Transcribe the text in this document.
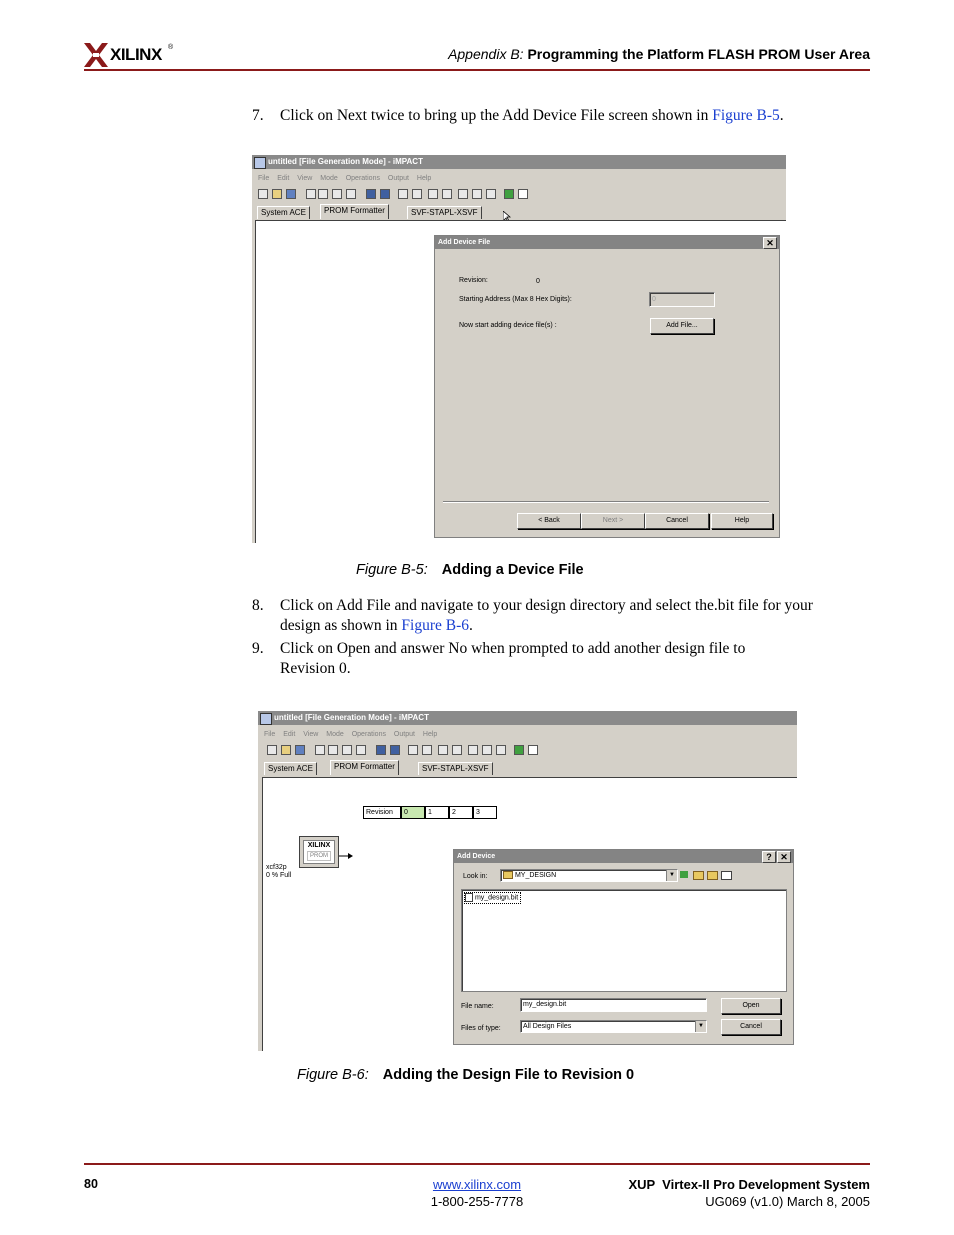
XILINX ®	Appendix B: Programming the Platform FLASH PROM User Area
7. Click on Next twice to bring up the Add Device File screen shown in Figure B-5.
untitled [File Generation Mode] - iMPACT
File Edit View Mode Operations Output Help
System ACE	PROM Formatter	SVF-STAPL-XSVF
Add Device File	✕
Revision:	0
Starting Address (Max 8 Hex Digits):	0
Now start adding device file(s) :	Add File...
< Back	Next >	Cancel	Help
Figure B-5: Adding a Device File
8. Click on Add File and navigate to your design directory and select the.bit file for your
design as shown in Figure B-6.
9. Click on Open and answer No when prompted to add another design file to
Revision 0.
untitled [File Generation Mode] - iMPACT
File Edit View Mode Operations Output Help
System ACE	PROM Formatter	SVF-STAPL-XSVF
Revision	0	1	2	3
XILINX
PROM
xcf32p
0 % Full
Add Device	? ✕
Look in:	MY_DESIGN	▼
my_design.bit
File name:	my_design.bit
Files of type:	All Design Files	▼
Open
Cancel
Figure B-6: Adding the Design File to Revision 0
80	www.xilinx.com
1-800-255-7778
XUP  Virtex-II Pro Development System
UG069 (v1.0) March 8, 2005
